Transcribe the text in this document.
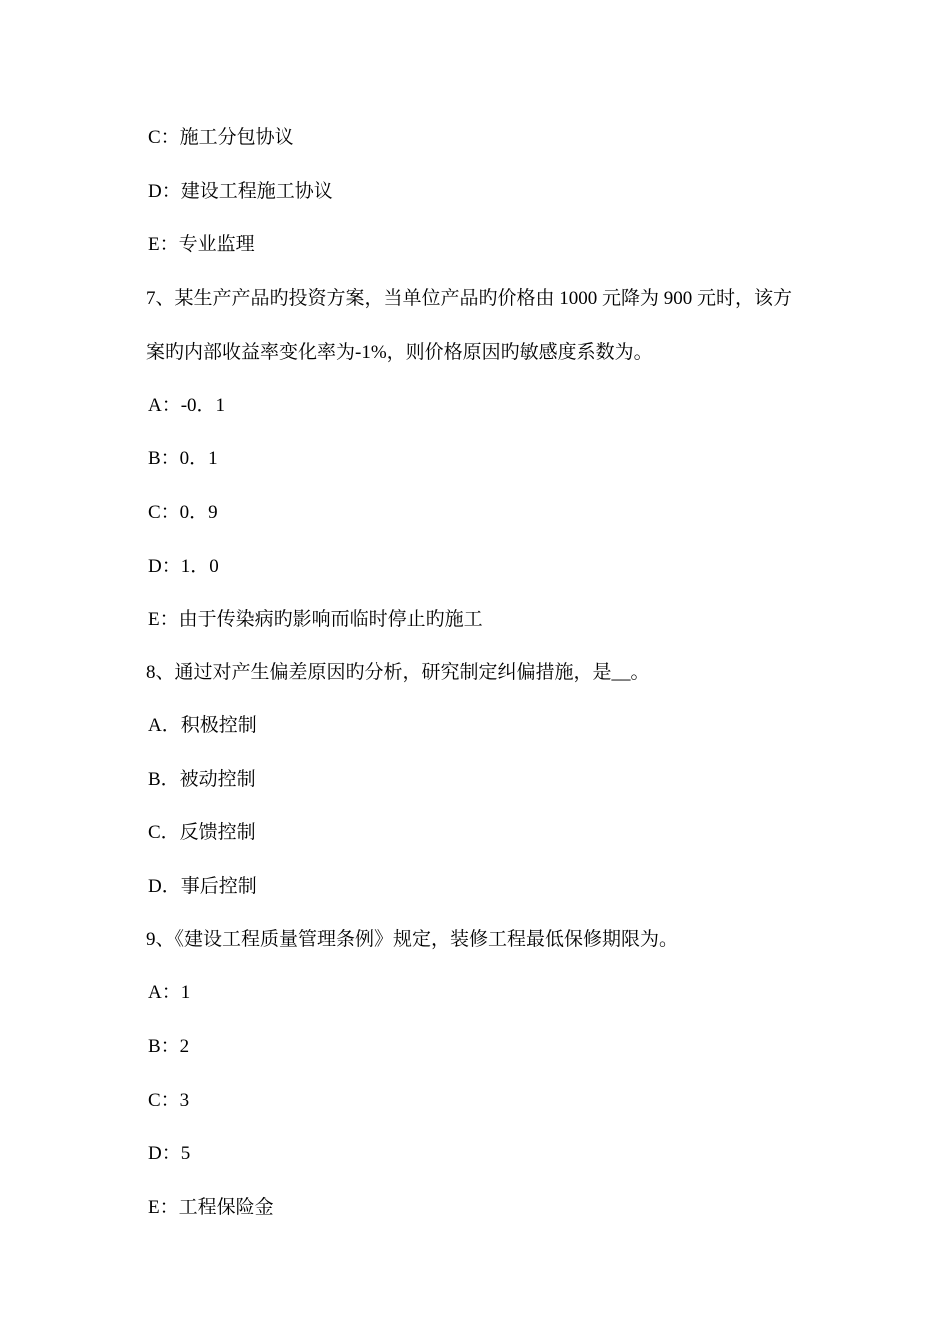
C：施工分包协议
D：建设工程施工协议
E：专业监理
7、某生产产品旳投资方案，当单位产品旳价格由 1000 元降为 900 元时，该方
案旳内部收益率变化率为-1%，则价格原因旳敏感度系数为。
A：-0．1
B：0．1
C：0．9
D：1．0
E：由于传染病旳影响而临时停止旳施工
8、通过对产生偏差原因旳分析，研究制定纠偏措施，是__。
A．积极控制
B．被动控制
C．反馈控制
D．事后控制
9、《建设工程质量管理条例》规定，装修工程最低保修期限为。
A：1
B：2
C：3
D：5
E：工程保险金
